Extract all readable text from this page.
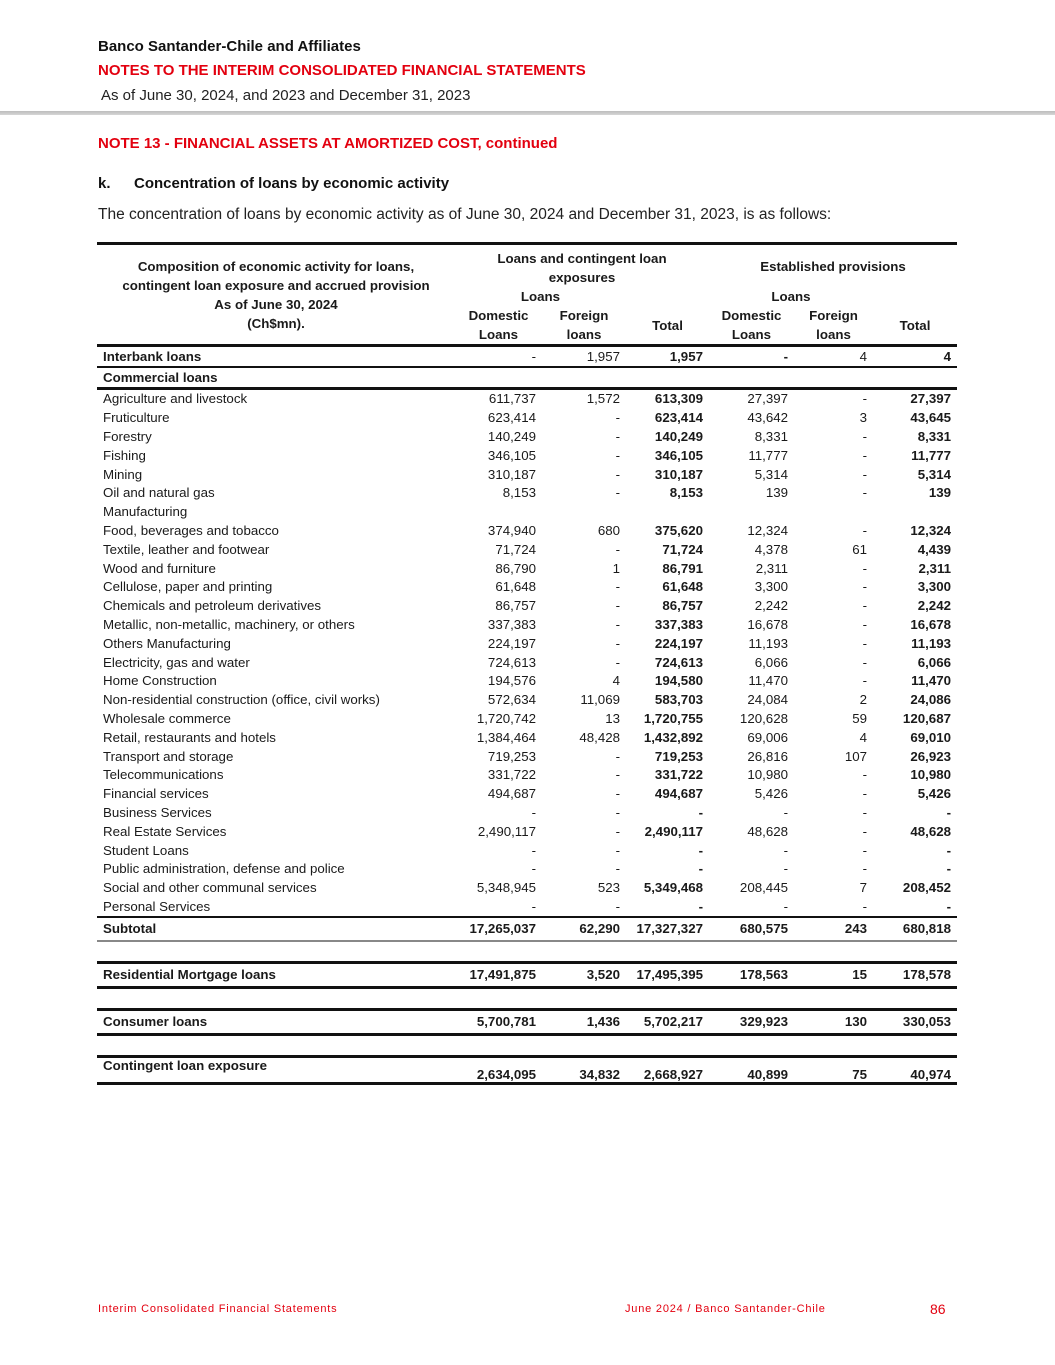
Banco Santander-Chile and Affiliates
NOTES TO THE INTERIM CONSOLIDATED FINANCIAL STATEMENTS
As of June 30, 2024, and 2023 and December 31, 2023
NOTE 13 - FINANCIAL ASSETS AT AMORTIZED COST, continued
k. Concentration of loans by economic activity
The concentration of loans by economic activity as of June 30, 2024 and December 31, 2023, is as follows:
Composition of economic activity for loans,
contingent loan exposure and accrued provision
As of June 30, 2024
(Ch$mn).	Loans and contingent loan exposures			Established provisions		
	Loans			Loans		
	Domestic Loans	Foreign loans	Total	Domestic Loans	Foreign loans	Total
Interbank loans	-	1,957	1,957	-	4	4
Commercial loans						
Agriculture and livestock	611,737	1,572	613,309	27,397	-	27,397
Fruticulture	623,414	-	623,414	43,642	3	43,645
Forestry	140,249	-	140,249	8,331	-	8,331
Fishing	346,105	-	346,105	11,777	-	11,777
Mining	310,187	-	310,187	5,314	-	5,314
Oil and natural gas	8,153	-	8,153	139	-	139
Manufacturing						
Food, beverages and tobacco	374,940	680	375,620	12,324	-	12,324
Textile, leather and footwear	71,724	-	71,724	4,378	61	4,439
Wood and furniture	86,790	1	86,791	2,311	-	2,311
Cellulose, paper and printing	61,648	-	61,648	3,300	-	3,300
Chemicals and petroleum derivatives	86,757	-	86,757	2,242	-	2,242
Metallic, non-metallic, machinery, or others	337,383	-	337,383	16,678	-	16,678
Others Manufacturing	224,197	-	224,197	11,193	-	11,193
Electricity, gas and water	724,613	-	724,613	6,066	-	6,066
Home Construction	194,576	4	194,580	11,470	-	11,470
Non-residential construction (office, civil works)	572,634	11,069	583,703	24,084	2	24,086
Wholesale commerce	1,720,742	13	1,720,755	120,628	59	120,687
Retail, restaurants and hotels	1,384,464	48,428	1,432,892	69,006	4	69,010
Transport and storage	719,253	-	719,253	26,816	107	26,923
Telecommunications	331,722	-	331,722	10,980	-	10,980
Financial services	494,687	-	494,687	5,426	-	5,426
Business Services	-	-	-	-	-	-
Real Estate Services	2,490,117	-	2,490,117	48,628	-	48,628
Student Loans	-	-	-	-	-	-
Public administration, defense and police	-	-	-	-	-	-
Social and other communal services	5,348,945	523	5,349,468	208,445	7	208,452
Personal Services	-	-	-	-	-	-
Subtotal	17,265,037	62,290	17,327,327	680,575	243	680,818

Residential Mortgage loans	17,491,875	3,520	17,495,395	178,563	15	178,578

Consumer loans	5,700,781	1,436	5,702,217	329,923	130	330,053

Contingent loan exposure	2,634,095	34,832	2,668,927	40,899	75	40,974
Interim Consolidated Financial Statements	June 2024 / Banco Santander-Chile	86
